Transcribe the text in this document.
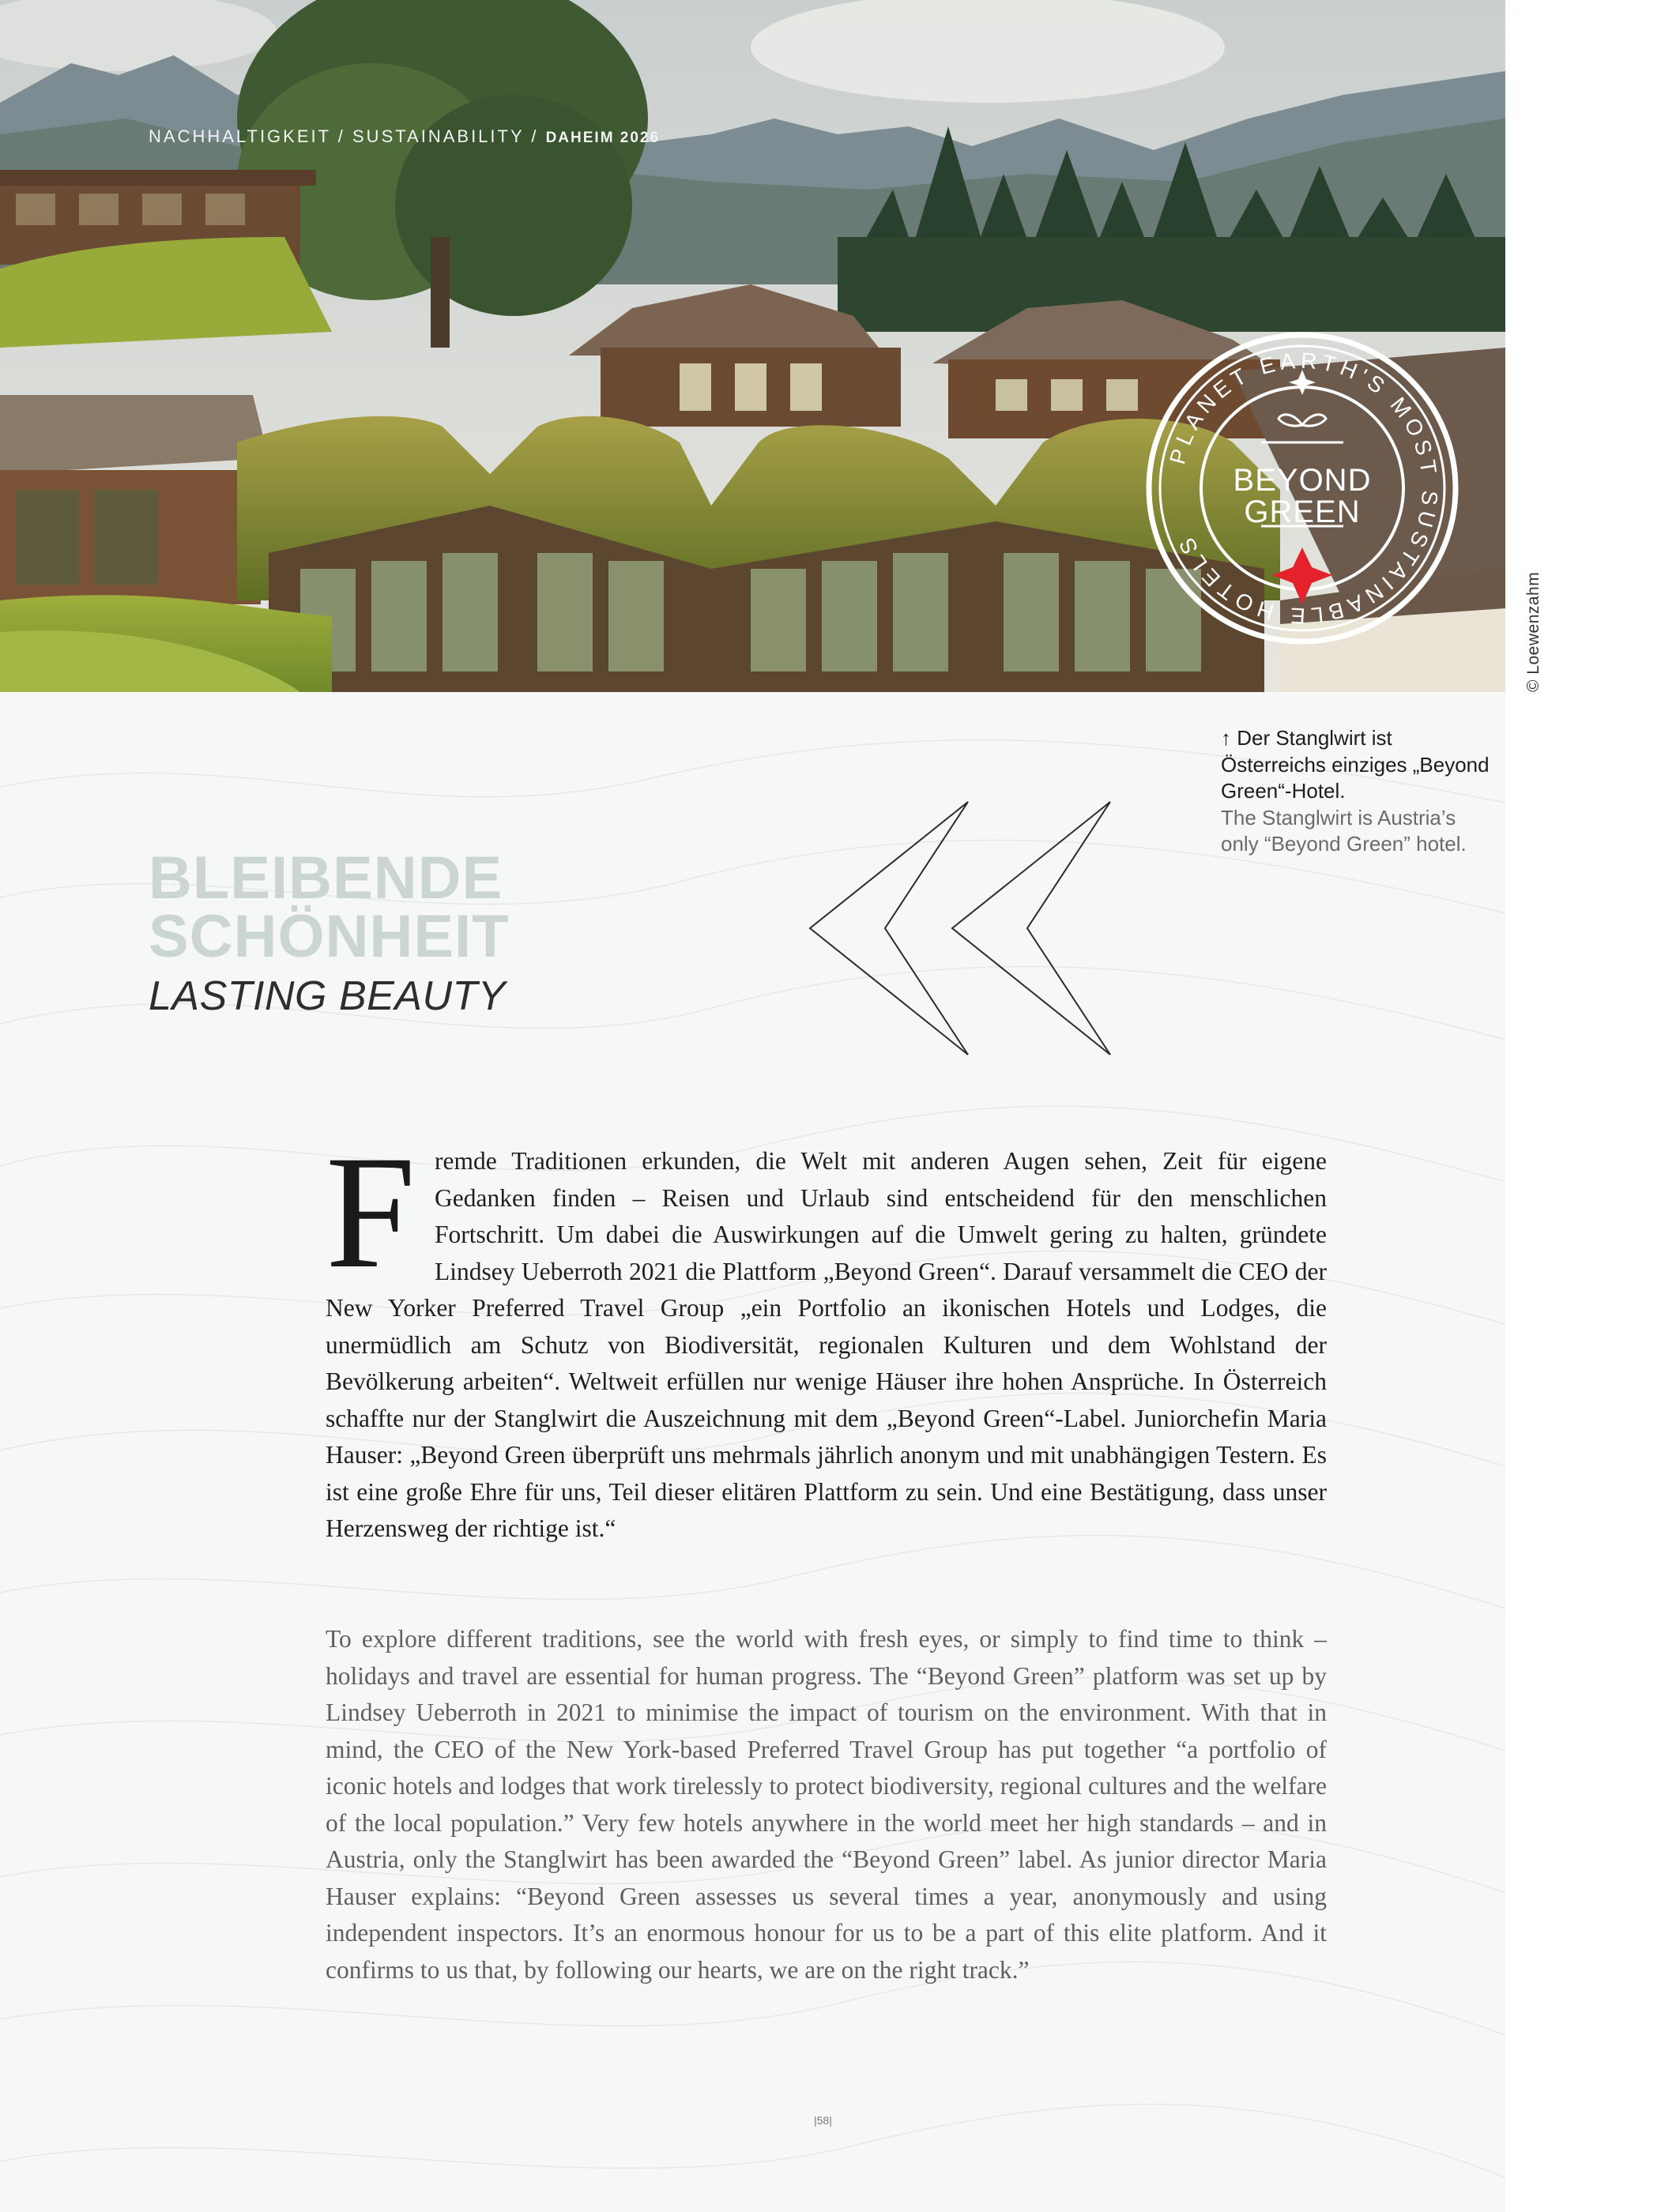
NACHHALTIGKEIT / SUSTAINABILITY / DAHEIM 2026
PLANET EARTH'S MOST SUSTAINABLE HOTELS
BEYOND
GREEN
↑ Der Stanglwirt ist Österreichs einziges „Beyond Green“-Hotel.
The Stanglwirt is Austria’s only “Beyond Green” hotel.
BLEIBENDE
SCHÖNHEIT
LASTING BEAUTY
Fremde Traditionen erkunden, die Welt mit anderen Augen sehen, Zeit für eigene Gedanken finden – Reisen und Urlaub sind entscheidend für den menschlichen Fortschritt. Um dabei die Auswirkungen auf die Umwelt gering zu halten, gründete Lindsey Ueberroth 2021 die Plattform „Beyond Green“. Darauf versammelt die CEO der New Yorker Preferred Travel Group „ein Portfolio an ikonischen Hotels und Lodges, die unermüdlich am Schutz von Biodiversität, regionalen Kulturen und dem Wohlstand der Bevölkerung arbeiten“. Weltweit erfüllen nur wenige Häuser ihre hohen Ansprüche. In Österreich schaffte nur der Stanglwirt die Auszeichnung mit dem „Beyond Green“-Label. Juniorchefin Maria Hauser: „Beyond Green überprüft uns mehrmals jährlich anonym und mit unabhängigen Testern. Es ist eine große Ehre für uns, Teil dieser elitären Plattform zu sein. Und eine Bestätigung, dass unser Herzensweg der richtige ist.“
To explore different traditions, see the world with fresh eyes, or simply to find time to think – holidays and travel are essential for human progress. The “Beyond Green” platform was set up by Lindsey Ueberroth in 2021 to minimise the impact of tourism on the environment. With that in mind, the CEO of the New York-based Preferred Travel Group has put together “a portfolio of iconic hotels and lodges that work tirelessly to protect biodiversity, regional cultures and the welfare of the local population.” Very few hotels anywhere in the world meet her high standards – and in Austria, only the Stanglwirt has been awarded the “Beyond Green” label. As junior director Maria Hauser explains: “Beyond Green assesses us several times a year, anonymously and using independent inspectors. It’s an enormous honour for us to be a part of this elite platform. And it confirms to us that, by following our hearts, we are on the right track.”
|58|
© Loewenzahm
